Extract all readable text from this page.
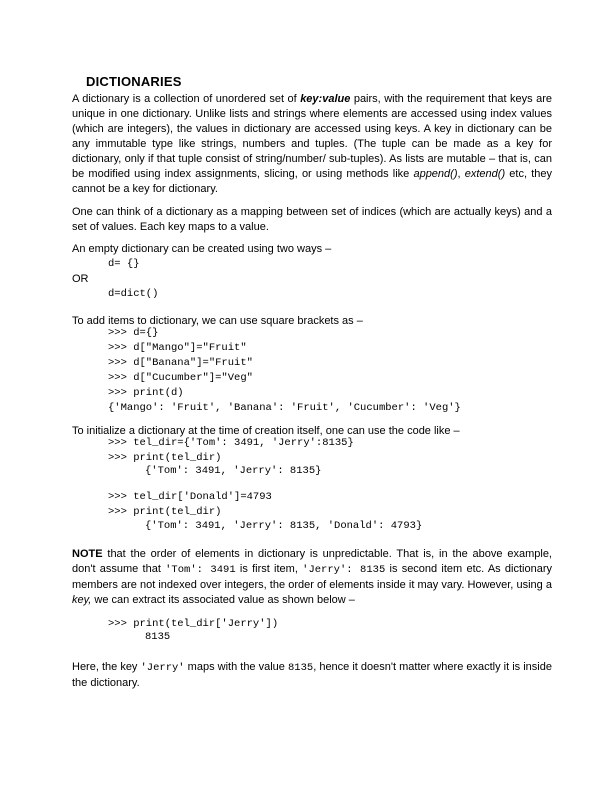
DICTIONARIES

A dictionary is a collection of unordered set of key:value pairs, with the requirement that keys are unique in one dictionary. Unlike lists and strings where elements are accessed using index values (which are integers), the values in dictionary are accessed using keys. A key in dictionary can be any immutable type like strings, numbers and tuples. (The tuple can be made as a key for dictionary, only if that tuple consist of string/number/ sub-tuples). As lists are mutable – that is, can be modified using index assignments, slicing, or using methods like append(), extend() etc, they cannot be a key for dictionary.

One can think of a dictionary as a mapping between set of indices (which are actually keys) and a set of values. Each key maps to a value.

An empty dictionary can be created using two ways –
d= {}
OR
d=dict()
To add items to dictionary, we can use square brackets as –
>>> d={}
>>> d["Mango"]="Fruit"
>>> d["Banana"]="Fruit"
>>> d["Cucumber"]="Veg"
>>> print(d)
{'Mango': 'Fruit', 'Banana': 'Fruit', 'Cucumber': 'Veg'}
To initialize a dictionary at the time of creation itself, one can use the code like –
>>> tel_dir={'Tom': 3491, 'Jerry':8135}
>>> print(tel_dir)
{'Tom': 3491, 'Jerry': 8135}
>>> tel_dir['Donald']=4793
>>> print(tel_dir)
{'Tom': 3491, 'Jerry': 8135, 'Donald': 4793}

NOTE that the order of elements in dictionary is unpredictable. That is, in the above example, don't assume that 'Tom': 3491 is first item, 'Jerry': 8135 is second item etc. As dictionary members are not indexed over integers, the order of elements inside it may vary. However, using a key, we can extract its associated value as shown below –

>>> print(tel_dir['Jerry'])
8135

Here, the key 'Jerry' maps with the value 8135, hence it doesn't matter where exactly it is inside the dictionary.
